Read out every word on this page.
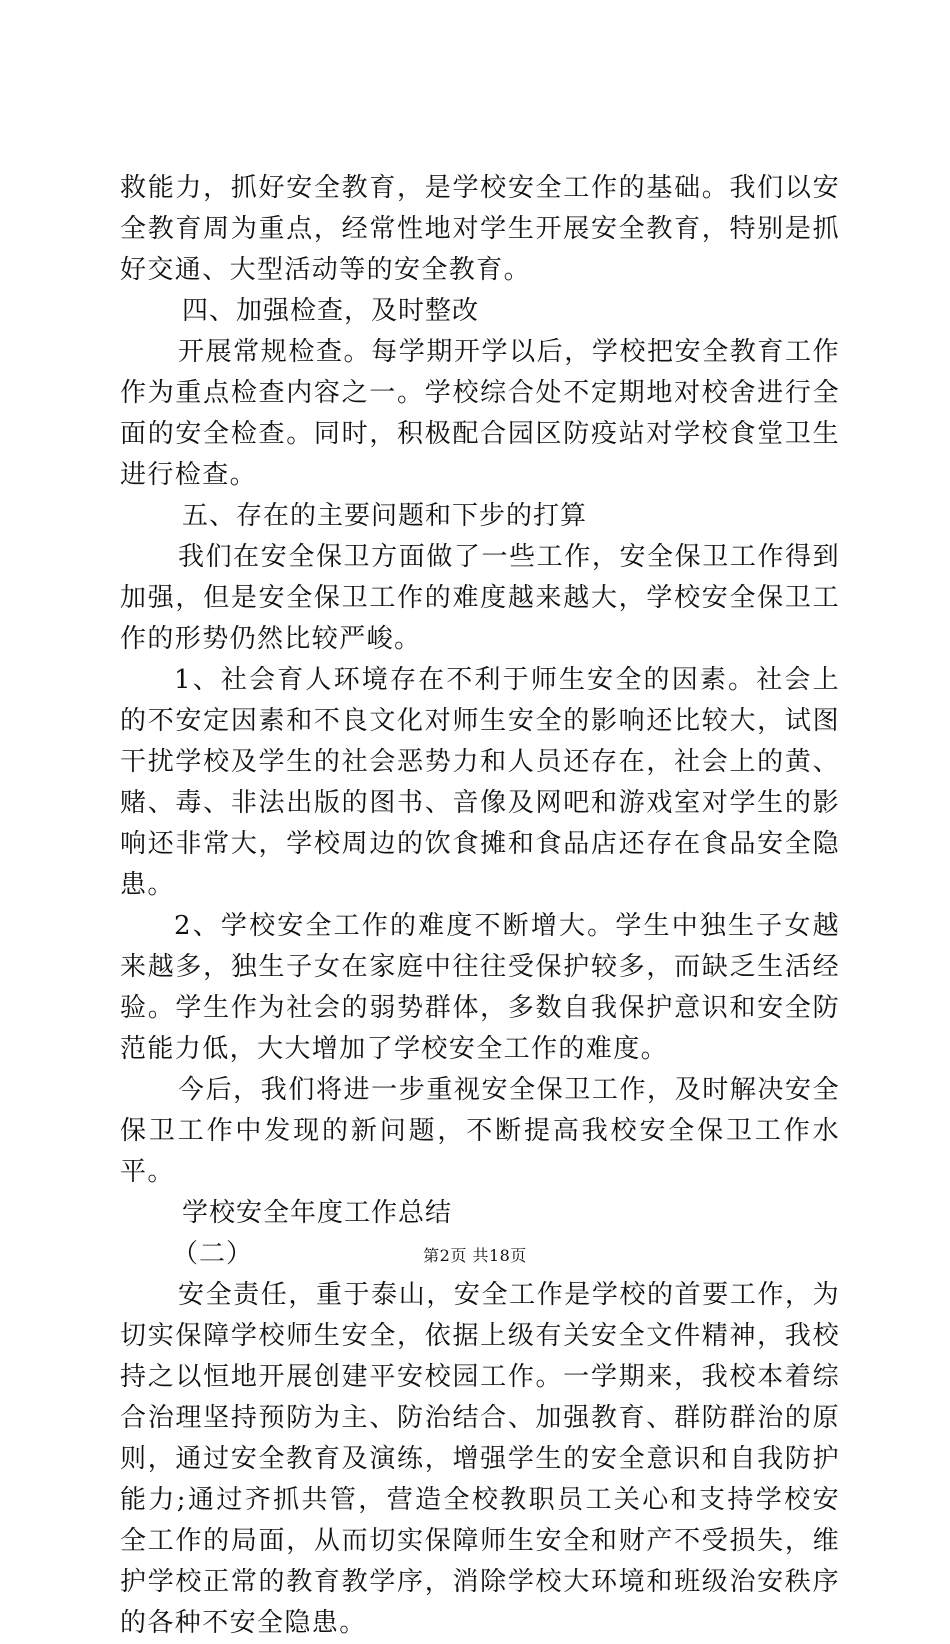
救能力，抓好安全教育，是学校安全工作的基础。我们以安全教育周为重点，经常性地对学生开展安全教育，特别是抓好交通、大型活动等的安全教育。

四、加强检查，及时整改

开展常规检查。每学期开学以后，学校把安全教育工作作为重点检查内容之一。学校综合处不定期地对校舍进行全面的安全检查。同时，积极配合园区防疫站对学校食堂卫生进行检查。

五、存在的主要问题和下步的打算

我们在安全保卫方面做了一些工作，安全保卫工作得到加强，但是安全保卫工作的难度越来越大，学校安全保卫工作的形势仍然比较严峻。

1、社会育人环境存在不利于师生安全的因素。社会上的不安定因素和不良文化对师生安全的影响还比较大，试图干扰学校及学生的社会恶势力和人员还存在，社会上的黄、赌、毒、非法出版的图书、音像及网吧和游戏室对学生的影响还非常大，学校周边的饮食摊和食品店还存在食品安全隐患。

2、学校安全工作的难度不断增大。学生中独生子女越来越多，独生子女在家庭中往往受保护较多，而缺乏生活经验。学生作为社会的弱势群体，多数自我保护意识和安全防范能力低，大大增加了学校安全工作的难度。

今后，我们将进一步重视安全保卫工作，及时解决安全保卫工作中发现的新问题，不断提高我校安全保卫工作水平。

学校安全年度工作总结

（二）

安全责任，重于泰山，安全工作是学校的首要工作，为切实保障学校师生安全，依据上级有关安全文件精神，我校持之以恒地开展创建平安校园工作。一学期来，我校本着综合治理坚持预防为主、防治结合、加强教育、群防群治的原则，通过安全教育及演练，增强学生的安全意识和自我防护能力;通过齐抓共管，营造全校教职员工关心和支持学校安全工作的局面，从而切实保障师生安全和财产不受损失，维护学校正常的教育教学序，消除学校大环境和班级治安秩序的各种不安全隐患。

第2页 共18页
